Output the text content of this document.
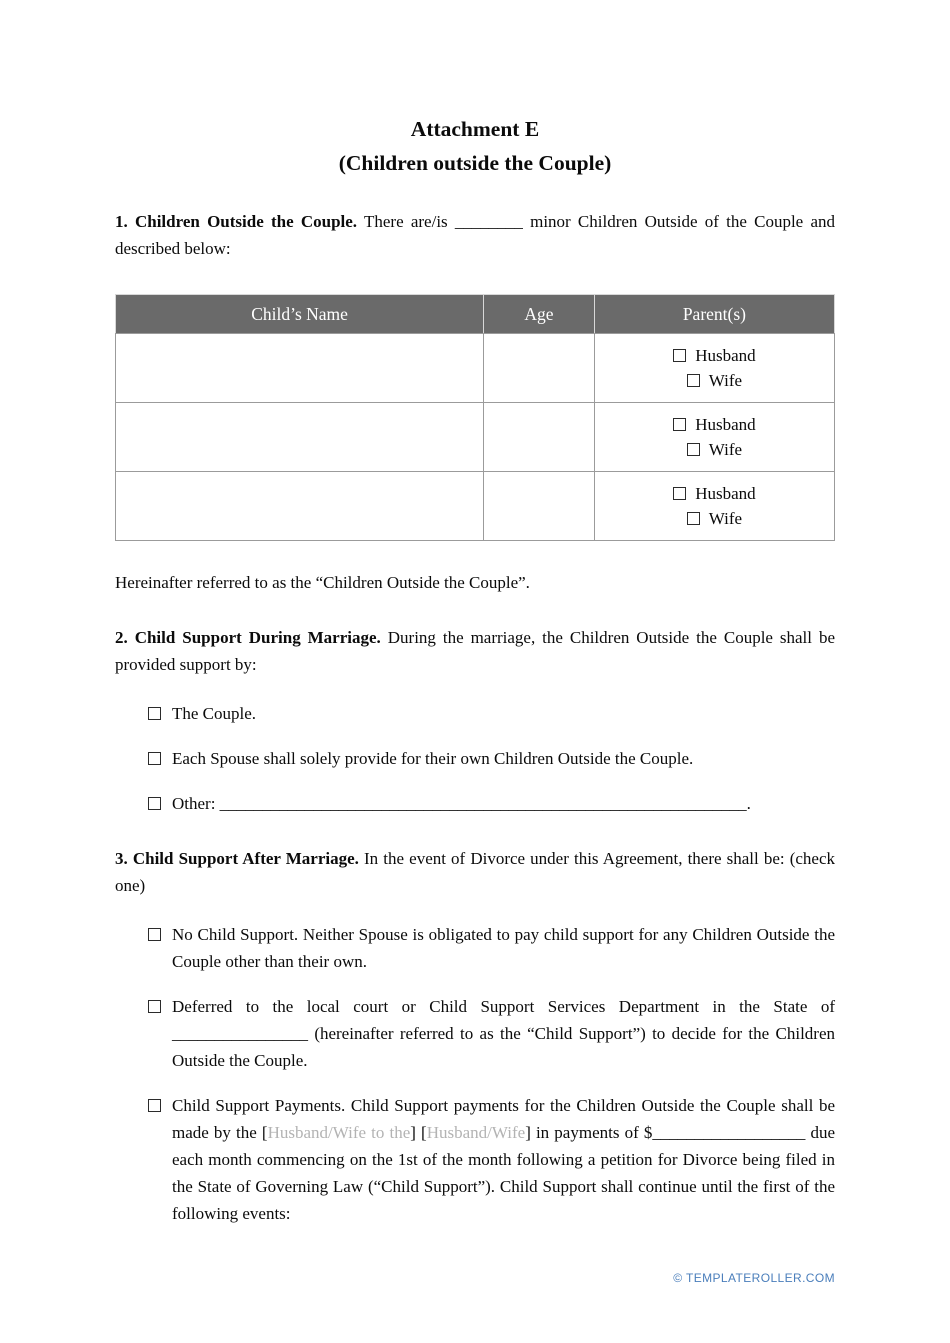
Attachment E
(Children outside the Couple)

1. Children Outside the Couple. There are/is ________ minor Children Outside of the Couple and described below:

Child’s Name	Age	Parent(s)

		Husband
Wife

		Husband
Wife

		Husband
Wife

Hereinafter referred to as the “Children Outside the Couple”.

2. Child Support During Marriage. During the marriage, the Children Outside the Couple shall be provided support by:

The Couple.
Each Spouse shall solely provide for their own Children Outside the Couple.
Other: ______________________________________________________________.

3. Child Support After Marriage. In the event of Divorce under this Agreement, there shall be: (check one)

No Child Support. Neither Spouse is obligated to pay child support for any Children Outside the Couple other than their own.
Deferred to the local court or Child Support Services Department in the State of ________________ (hereinafter referred to as the “Child Support”) to decide for the Children Outside the Couple.
Child Support Payments. Child Support payments for the Children Outside the Couple shall be made by the [Husband/Wife to the] [Husband/Wife] in payments of $__________________ due each month commencing on the 1st of the month following a petition for Divorce being filed in the State of Governing Law (“Child Support”). Child Support shall continue until the first of the following events:
© TEMPLATEROLLER.COM
